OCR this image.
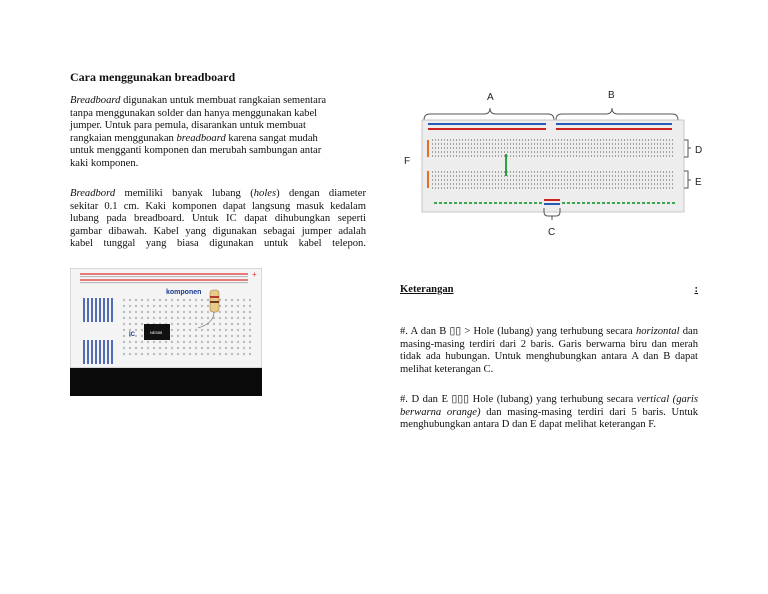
Cara menggunakan breadboard
Breadboard digunakan untuk membuat rangkaian sementara
tanpa menggunakan solder dan hanya menggunakan kabel
jumper. Untuk para pemula, disarankan untuk membuat
rangkaian menggunakan breadboard karena sangat mudah
untuk mengganti komponen dan merubah sambungan antar
kaki komponen.
Breadbord memiliki banyak lubang (holes) dengan diameter
sekitar 0.1 cm. Kaki komponen dapat langsung masuk kedalam
lubang pada breadboard. Untuk IC dapat dihubungkan seperti
gambar dibawah. Kabel yang digunakan sebagai jumper adalah
kabel tunggal yang biasa digunakan untuk kabel telepon.
+
komponen
IC	NE555
A	B
F
C
D
E
Keterangan	:
#. A dan B ▯▯ > Hole (lubang) yang terhubung secara horizontal dan masing-masing terdiri dari 2 baris. Garis berwarna biru dan merah tidak ada hubungan. Untuk menghubungkan antara A dan B dapat melihat keterangan C.
#. D dan E ▯▯▯ Hole (lubang) yang terhubung secara vertical (garis berwarna orange) dan masing-masing terdiri dari 5 baris. Untuk menghubungkan antara D dan E dapat melihat keterangan F.
